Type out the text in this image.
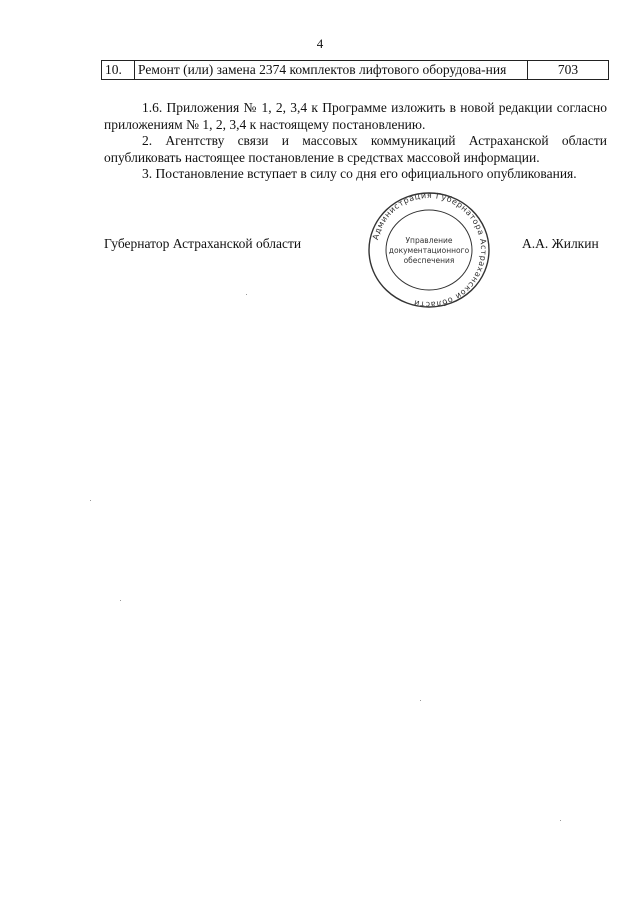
4
10.	Ремонт (или) замена 2374 комплектов лифтового оборудова-ния	703

1.6. Приложения № 1, 2, 3,4 к Программе изложить в новой редакции согласно приложениям № 1, 2, 3,4 к настоящему постановлению.

2. Агентству связи и массовых коммуникаций Астраханской области опубликовать настоящее постановление в средствах массовой информации.

3. Постановление вступает в силу со дня его официального опубликования.

Губернатор Астраханской области	Администрация Губернатора Астраханской области
Управление
документационного
обеспечения
А.А. Жилкин
